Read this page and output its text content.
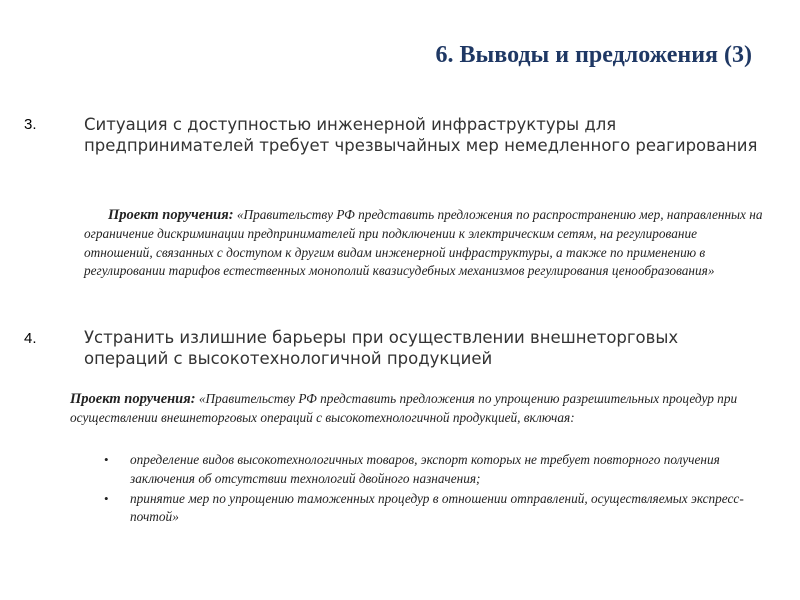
6. Выводы и предложения (3)
3.	Ситуация с доступностью инженерной инфраструктуры для предпринимателей требует чрезвычайных мер немедленного реагирования
Проект поручения: «Правительству РФ представить предложения по распространению мер, направленных на ограничение дискриминации предпринимателей при подключении к электрическим сетям, на регулирование отношений, связанных с доступом к другим видам инженерной инфраструктуры, а также по применению в регулировании тарифов естественных монополий квазисудебных механизмов регулирования ценообразования»
4.	Устранить излишние барьеры при осуществлении внешнеторговых операций с высокотехнологичной продукцией
Проект поручения: «Правительству РФ представить предложения по упрощению разрешительных процедур при осуществлении внешнеторговых операций с высокотехнологичной продукцией, включая:
• определение видов высокотехнологичных товаров, экспорт которых не требует повторного получения заключения об отсутствии технологий двойного назначения;
• принятие мер по упрощению таможенных процедур в отношении отправлений, осуществляемых экспресс-почтой»
